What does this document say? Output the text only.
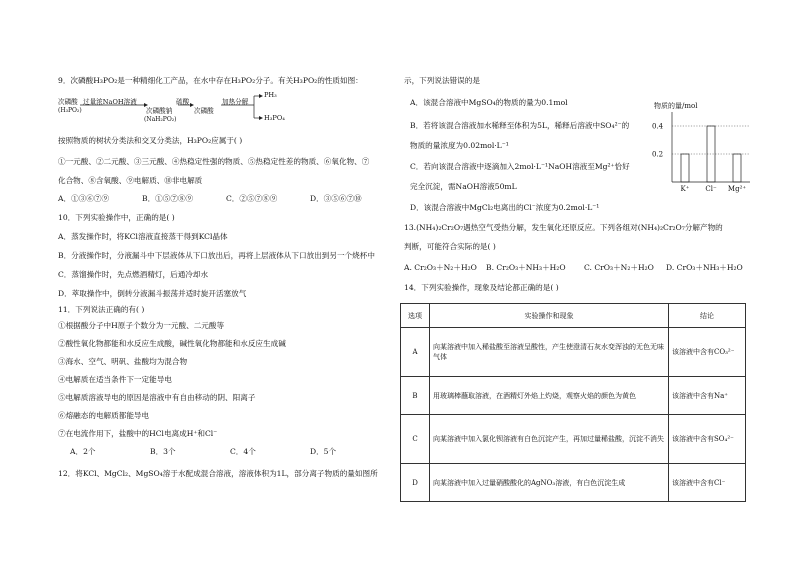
9．次磷酸H₃PO₂是一种精细化工产品，在水中存在H₃PO₂分子。有关H₃PO₂的性质如图：
次磷酸
(H₃PO₂)
过量浓NaOH溶液
次磷酸钠
(NaH₂PO₂)
硫酸
次磷酸
加热分解
PH₃
H₃PO₄
按照物质的树状分类法和交叉分类法，H₃PO₂应属于( )
①一元酸、②二元酸、③三元酸、④热稳定性强的物质、⑤热稳定性差的物质、⑥氧化物、⑦
化合物、⑧含氧酸、⑨电解质、⑩非电解质
A．①③⑥⑦⑨	B．①⑤⑦⑧⑨	C．②⑤⑦⑧⑨	D．③⑤⑥⑦⑩
10．下列实验操作中，正确的是( )
A．蒸发操作时，将KCl溶液直接蒸干得到KCl晶体
B．分液操作时，分液漏斗中下层液体从下口放出后，再将上层液体从下口放出到另一个烧杯中
C．蒸馏操作时，先点燃酒精灯，后通冷却水
D．萃取操作中，倒转分液漏斗振荡并适时旋开活塞放气
11．下列说法正确的有( )
①根据酸分子中H原子个数分为一元酸、二元酸等
②酸性氧化物都能和水反应生成酸，碱性氧化物都能和水反应生成碱
③海水、空气、明矾、盐酸均为混合物
④电解质在适当条件下一定能导电
⑤电解质溶液导电的原因是溶液中有自由移动的阴、阳离子
⑥熔融态的电解质都能导电
⑦在电流作用下，盐酸中的HCl电离成H⁺和Cl⁻
A．2个	B．3个	C．4个	D．5个
12．将KCl、MgCl₂、MgSO₄溶于水配成混合溶液，溶液体积为1L，部分离子物质的量如图所
示，下列说法错误的是
A．该混合溶液中MgSO₄的物质的量为0.1mol
B．若将该混合溶液加水稀释至体积为5L，稀释后溶液中SO₄²⁻的
物质的量浓度为0.02mol·L⁻¹
C．若向该混合溶液中逐滴加入2mol·L⁻¹NaOH溶液至Mg²⁺恰好
完全沉淀，需NaOH溶液50mL
D．该混合溶液中MgCl₂电离出的Cl⁻浓度为0.2mol·L⁻¹
13.(NH₄)₂Cr₂O₇遇热空气受热分解，发生氧化还原反应。下列各组对(NH₄)₂Cr₂O₇分解产物的
判断，可能符合实际的是( )
A. Cr₂O₃＋N₂＋H₂O B. Cr₂O₃＋NH₃＋H₂O C. CrO₃＋N₂＋H₂O D. CrO₃＋NH₃＋H₂O
14．下列实验操作，现象及结论都正确的是( )
物质的量/mol
0.2
0.4
K⁺ Cl⁻ Mg²⁺
选项	实验操作和现象	结论
A	向某溶液中加入稀盐酸至溶液呈酸性，产生使澄清石灰水变浑浊的无色无味气体	该溶液中含有CO₃²⁻
B	用玻璃棒蘸取溶液，在酒精灯外焰上灼烧，观察火焰的颜色为黄色	该溶液中含有Na⁺
C	向某溶液中加入氯化钡溶液有白色沉淀产生，再加过量稀盐酸，沉淀不消失	该溶液中含有SO₄²⁻
D	向某溶液中加入过量硝酸酸化的AgNO₃溶液，有白色沉淀生成	该溶液中含有Cl⁻
